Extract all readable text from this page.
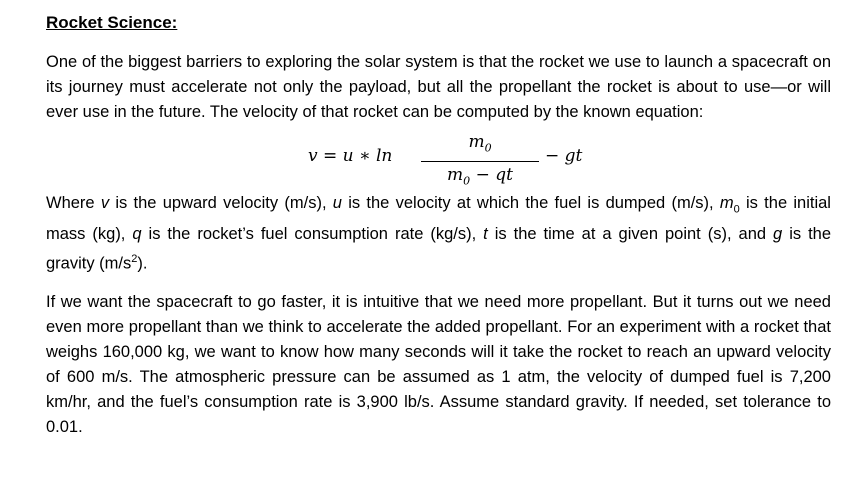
Rocket Science:

One of the biggest barriers to exploring the solar system is that the rocket we use to launch a spacecraft on its journey must accelerate not only the payload, but all the propellant the rocket is about to use—or will ever use in the future. The velocity of that rocket can be computed by the known equation:

v = u ∗ ln
$m_0$
$m_0$ − qt
− gt

Where v is the upward velocity (m/s), u is the velocity at which the fuel is dumped (m/s), $m_0$ is the initial mass (kg), q is the rocket’s fuel consumption rate (kg/s), t is the time at a given point (s), and g is the gravity $(m/s^2)$.

If we want the spacecraft to go faster, it is intuitive that we need more propellant. But it turns out we need even more propellant than we think to accelerate the added propellant. For an experiment with a rocket that weighs 160,000 kg, we want to know how many seconds will it take the rocket to reach an upward velocity of 600 m/s. The atmospheric pressure can be assumed as 1 atm, the velocity of dumped fuel is 7,200 km/hr, and the fuel’s consumption rate is 3,900 lb/s. Assume standard gravity. If needed, set tolerance to 0.01.
